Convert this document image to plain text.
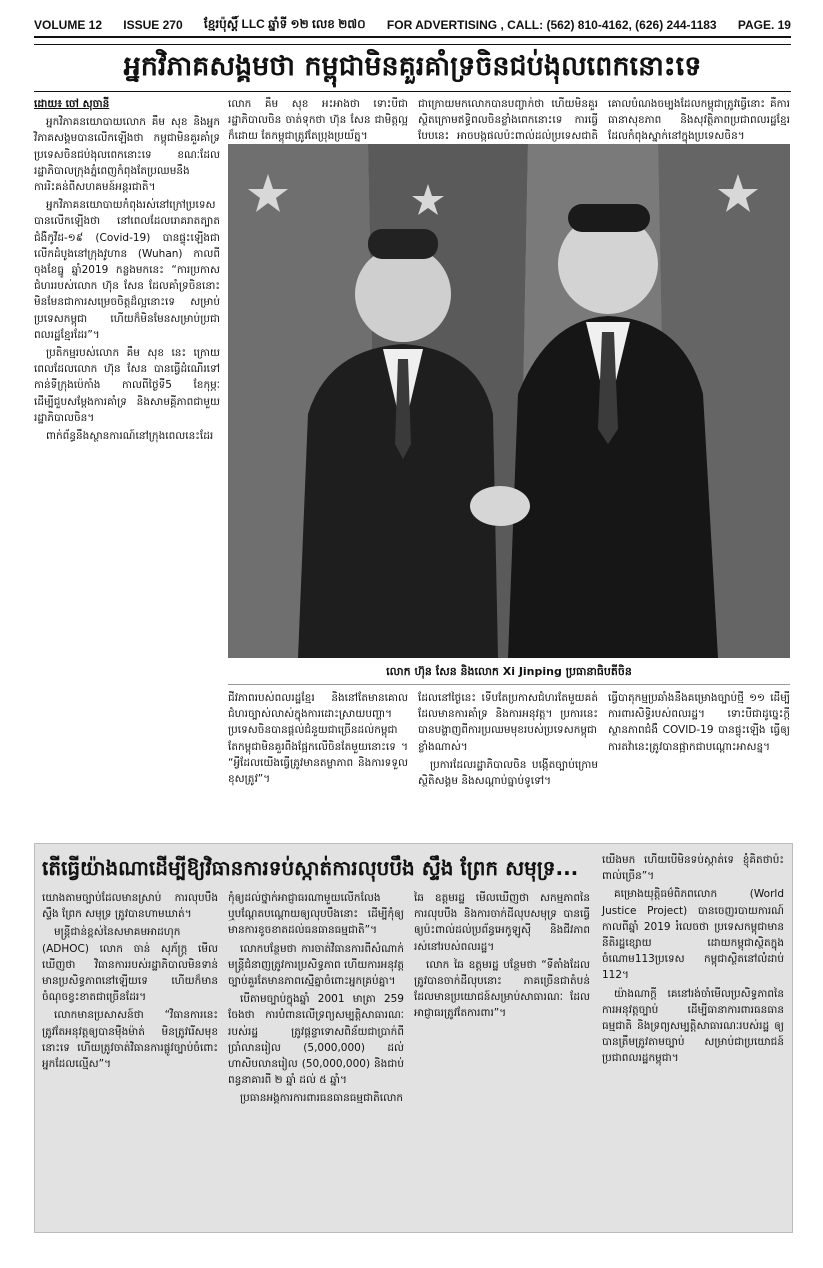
VOLUME 12 ISSUE 270 ខ្មែរប៉ុស្តិ៍ LLC ឆ្នាំទី ១២ លេខ ២៧០ FOR ADVERTISING , CALL: (562) 810-4162, (626) 244-1183 PAGE. 19
អ្នកវិភាគសង្គមថា កម្ពុជាមិនគួរគាំទ្រចិនជប់ងុលពេកនោះទេ

ដោយ៖ ចៅ សុចានី

អ្នកវិភាគនយោបាយលោក គឹម សុខ និងអ្នកវិភាគសង្គមបានលើកឡើងថា កម្ពុជាមិនគួរគាំទ្រប្រទេសចិនជប់ងុលពេកនោះទេ ខណៈដែលរដ្ឋាភិបាលក្រុងភ្នំពេញកំពុងតែប្រឈមនឹងការរិះគន់ពីសហគមន៍អន្តរជាតិ។

អ្នកវិភាគនយោបាយកំពុងរស់នៅក្រៅប្រទេស បានលើកឡើងថា នៅពេលដែលរោគរាតត្បាតជំងឺកូវីដ-១៩ (Covid-19) បានផ្ទុះឡើងជាលើកដំបូងនៅក្រុងវូហាន (Wuhan) កាលពីចុងខែធ្នូ ឆ្នាំ2019 កន្លងមកនេះ “ការប្រកាសជំហររបស់លោក ហ៊ុន សែន ដែលគាំទ្រចិននោះ មិនមែនជាការសម្រេចចិត្តដ៏ល្អនោះទេ សម្រាប់ប្រទេសកម្ពុជា ហើយក៏មិនមែនសម្រាប់ប្រជាពលរដ្ឋខ្មែរដែរ”។

ប្រតិកម្មរបស់លោក គឹម សុខ នេះ ក្រោយពេលដែលលោក ហ៊ុន សែន បានធ្វើដំណើរទៅកាន់ទីក្រុងប៉េកាំង កាលពីថ្ងៃទី5 ខែកុម្ភៈ ដើម្បីជួបសម្តែងការគាំទ្រ និងសាមគ្គីភាពជាមួយរដ្ឋាភិបាលចិន។

ពាក់ព័ន្ធនឹងស្ថានការណ៍នៅក្រុងពេលនេះដែរ

លោក គឹម សុខ អះអាងថា ទោះបីជារដ្ឋាភិបាលចិន ចាត់ទុកថា ហ៊ុន សែន ជាមិត្តល្អក៏ដោយ តែកម្ពុជាត្រូវតែប្រុងប្រយ័ត្ន។

ជាក្រោយមកលោកបានបញ្ចាក់ថា ហើយមិនគួរស្ថិតក្រោមឥទ្ធិពលចិនខ្លាំងពេកនោះទេ ការធ្វើបែបនេះ អាចបង្កផលប៉ះពាល់ដល់ប្រទេសជាតិ

គោលបំណងចម្បងដែលកម្ពុជាត្រូវធ្វើនោះ គឺការធានាសុខភាព និងសុវត្ថិភាពប្រជាពលរដ្ឋខ្មែរ ដែលកំពុងស្នាក់នៅក្នុងប្រទេសចិន។

លោក ហ៊ុន សែន និងលោក Xi Jinping ប្រធានាធិបតីចិន

ជីវភាពរបស់ពលរដ្ឋខ្មែរ និងនៅតែមានគោលជំហរច្បាស់លាស់ក្នុងការដោះស្រាយបញ្ហា។ ប្រទេសចិនបានផ្តល់ជំនួយជាច្រើនដល់កម្ពុជា តែកម្ពុជាមិនគួរពឹងផ្អែកលើចិនតែមួយនោះទេ ។ “អ្វីដែលយើងធ្វើត្រូវមានតម្លាភាព និងការទទួលខុសត្រូវ”។

ដែលនៅថ្ងៃនេះ ទើបតែប្រកាសជំហរតែមួយគត់ ដែលមានការគាំទ្រ និងការអនុវត្ត។ ប្រការនេះបានបង្ហាញពីការប្រឈមមុខរបស់ប្រទេសកម្ពុជាខ្លាំងណាស់។

ប្រការដែលរដ្ឋាភិបាលចិន បង្កើតច្បាប់ក្រោមស្ថិតិសង្គម និងសណ្តាប់ធ្នាប់ទូទៅ។

ធ្វើបាតុកម្មប្រឆាំងនឹងគម្រោងច្បាប់ថ្មី ១១ ដើម្បីការពារសិទ្ធិរបស់ពលរដ្ឋ។ ទោះបីជាដូច្នេះក្តី ស្ថានភាពជំងឺ COVID-19 បានផ្ទុះឡើង ធ្វើឲ្យការតវ៉ានេះត្រូវបានផ្អាកជាបណ្តោះអាសន្ន។

តើធ្វើយ៉ាងណាដើម្បីឱ្យវិធានការទប់ស្កាត់ការលុបបឹង ស្ទឹង ព្រែក សមុទ្រ...

យោងតាមច្បាប់ដែលមានស្រាប់ ការលុបបឹង ស្ទឹង ព្រែក សមុទ្រ ត្រូវបានហាមឃាត់។

មន្ត្រីជាន់ខ្ពស់នៃសមាគមអាដហុក (ADHOC) លោក ចាន់ សុភ័ក្រ្ត មើលឃើញថា វិធានការរបស់រដ្ឋាភិបាលមិនទាន់មានប្រសិទ្ធភាពនៅឡើយទេ ហើយក៏មានចំណុចខ្វះខាតជាច្រើនដែរ។

លោកមានប្រសាសន៍ថា “វិធានការនេះ ត្រូវតែអនុវត្តឲ្យបានម៉ឺងម៉ាត់ មិនត្រូវរើសមុខនោះទេ ហើយត្រូវចាត់វិធានការផ្លូវច្បាប់ចំពោះអ្នកដែលល្មើស”។

កុំឲ្យដល់ថ្នាក់អាជ្ញាធរណាមួយលើកលែង ឬបណ្តែតបណ្តោយឲ្យលុបបឹងនោះ ដើម្បីកុំឲ្យមានការខូចខាតដល់ធនធានធម្មជាតិ”។

លោកបន្ថែមថា ការចាត់វិធានការពីសំណាក់មន្ត្រីជំនាញត្រូវការប្រសិទ្ធភាព ហើយការអនុវត្តច្បាប់គួរតែមានភាពស្មើគ្នាចំពោះអ្នកគ្រប់គ្នា។

បើតាមច្បាប់ក្នុងឆ្នាំ 2001 មាត្រា 259 ចែងថា ការបំពានលើទ្រព្យសម្បត្តិសាធារណៈរបស់រដ្ឋ ត្រូវផ្តន្ទាទោសពិន័យជាប្រាក់ពីប្រាំលានរៀល (5,000,000) ដល់ហាសិបលានរៀល (50,000,000) និងជាប់ពន្ធនាគារពី ២ ឆ្នាំ ដល់ ៥ ឆ្នាំ។

ប្រធានអង្គការការពារធនធានធម្មជាតិលោក

ឆៃ ឧត្តមរដ្ឋ មើលឃើញថា សកម្មភាពនៃការលុបបឹង និងការចាក់ដីលុបសមុទ្រ បានធ្វើឲ្យប៉ះពាល់ដល់ប្រព័ន្ធអេកូឡូស៊ី និងជីវភាពរស់នៅរបស់ពលរដ្ឋ។

លោក ឆៃ ឧត្តមរដ្ឋ បន្ថែមថា “ទីតាំងដែលត្រូវបានចាក់ដីលុបនោះ ភាគច្រើនជាតំបន់ដែលមានប្រយោជន៍សម្រាប់សាធារណៈ ដែលអាជ្ញាធរត្រូវតែការពារ”។

យើងមក ហើយបើមិនទប់ស្កាត់ទេ ខ្ញុំគិតថាប៉ះពាល់ច្រើន”។

គម្រោងយុត្តិធម៌ពិភពលោក (World Justice Project) បានចេញរបាយការណ៍កាលពីឆ្នាំ 2019 រំលេចថា ប្រទេសកម្ពុជាមាននីតិរដ្ឋខ្សោយ ដោយកម្ពុជាស្ថិតក្នុងចំណោម113ប្រទេស កម្ពុជាស្ថិតនៅលំដាប់ 112។

យ៉ាងណាក្តី គេនៅរង់ចាំមើលប្រសិទ្ធភាពនៃការអនុវត្តច្បាប់ ដើម្បីធានាការពារធនធានធម្មជាតិ និងទ្រព្យសម្បត្តិសាធារណៈរបស់រដ្ឋ ឲ្យបានត្រឹមត្រូវតាមច្បាប់ សម្រាប់ជាប្រយោជន៍ប្រជាពលរដ្ឋកម្ពុជា។
